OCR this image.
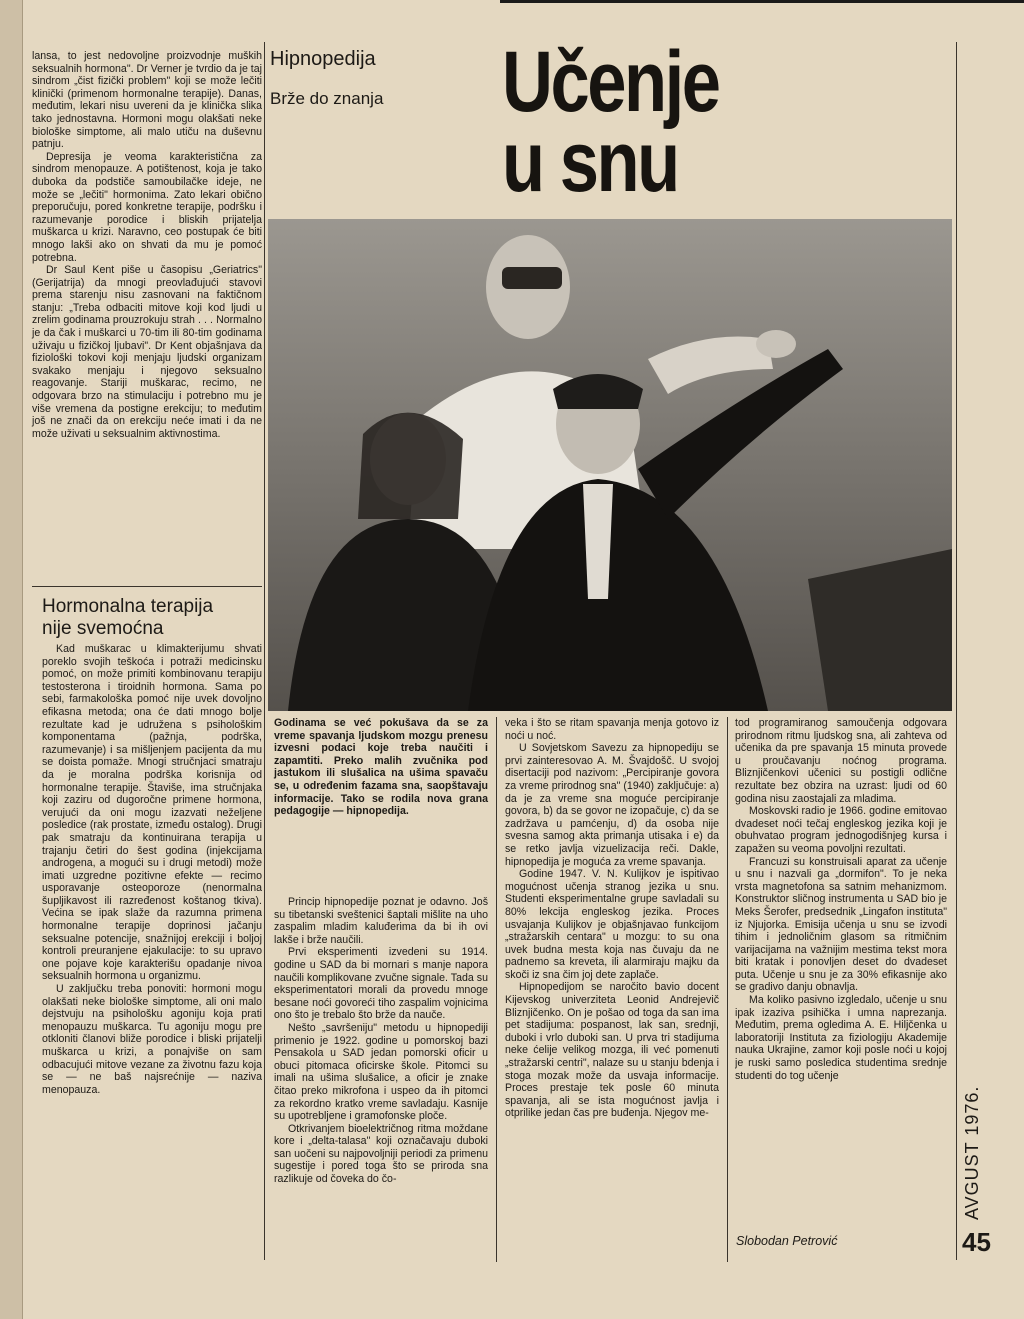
lansa, to jest nedovoljne proizvodnje muških seksualnih hormona". Dr Verner je tvrdio da je taj sindrom „čist fizički problem" koji se može lečiti klinički (primenom hormonalne terapije). Danas, međutim, lekari nisu uvereni da je klinička slika tako jednostavna. Hormoni mogu olakšati neke biološke simptome, ali malo utiču na duševnu patnju.

Depresija je veoma karakteristična za sindrom menopauze. A potištenost, koja je tako duboka da podstiče samoubilačke ideje, ne može se „lečiti" hormonima. Zato lekari obično preporučuju, pored konkretne terapije, podršku i razumevanje porodice i bliskih prijatelja muškarca u krizi. Naravno, ceo postupak će biti mnogo lakši ako on shvati da mu je pomoć potrebna.

Dr Saul Kent piše u časopisu „Geriatrics" (Gerijatrija) da mnogi preovlađujući stavovi prema starenju nisu zasnovani na faktičnom stanju: „Treba odbaciti mitove koji kod ljudi u zrelim godinama prouzrokuju strah . . . Normalno je da čak i muškarci u 70-tim ili 80-tim godinama uživaju u fizičkoj ljubavi". Dr Kent objašnjava da fiziološki tokovi koji menjaju ljudski organizam svakako menjaju i njegovo seksualno reagovanje. Stariji muškarac, recimo, ne odgovara brzo na stimulaciju i potrebno mu je više vremena da postigne erekciju; to međutim još ne znači da on erekciju neće imati i da ne može uživati u seksualnim aktivnostima.

Hormonalna terapija
nije svemoćna

Kad muškarac u klimakterijumu shvati poreklo svojih teškoća i potraži medicinsku pomoć, on može primiti kombinovanu terapiju testosterona i tiroidnih hormona. Sama po sebi, farmakološka pomoć nije uvek dovoljno efikasna metoda; ona će dati mnogo bolje rezultate kad je udružena s psihološkim komponentama (pažnja, podrška, razumevanje) i sa mišljenjem pacijenta da mu se doista pomaže. Mnogi stručnjaci smatraju da je moralna podrška korisnija od hormonalne terapije. Štaviše, ima stručnjaka koji zaziru od dugoročne primene hormona, verujući da oni mogu izazvati neželjene posledice (rak prostate, između ostalog). Drugi pak smatraju da kontinuirana terapija u trajanju četiri do šest godina (injekcijama androgena, a mogući su i drugi metodi) može imati uzgredne pozitivne efekte — recimo usporavanje osteoporoze (nenormalna šupljikavost ili razređenost koštanog tkiva). Većina se ipak slaže da razumna primena hormonalne terapije doprinosi jačanju seksualne potencije, snažnijoj erekciji i boljoj kontroli preuranjene ejakulacije: to su upravo one pojave koje karakterišu opadanje nivoa seksualnih hormona u organizmu.

U zaključku treba ponoviti: hormoni mogu olakšati neke biološke simptome, ali oni malo dejstvuju na psihološku agoniju koja prati menopauzu muškarca. Tu agoniju mogu pre otkloniti članovi bliže porodice i bliski prijatelji muškarca u krizi, a ponajviše on sam odbacujući mitove vezane za životnu fazu koja se — ne baš najsrećnije — naziva menopauza.

Hipnopedija
Brže do znanja Učenje
u snu
Godinama se već pokušava da se za vreme spavanja ljudskom mozgu prenesu izvesni podaci koje treba naučiti i zapamtiti. Preko malih zvučnika pod jastukom ili slušalica na ušima spavaču se, u određenim fazama sna, saopštavaju informacije. Tako se rodila nova grana pedagogije — hipnopedija.

Princip hipnopedije poznat je odavno. Još su tibetanski sveštenici šaptali mišlite na uho zaspalim mladim kaluđerima da bi ih ovi lakše i brže naučili.

Prvi eksperimenti izvedeni su 1914. godine u SAD da bi mornari s manje napora naučili komplikovane zvučne signale. Tada su eksperimentatori morali da provedu mnoge besane noći govoreći tiho zaspalim vojnicima ono što je trebalo što brže da nauče.

Nešto „savršeniju" metodu u hipnopediji primenio je 1922. godine u pomorskoj bazi Pensakola u SAD jedan pomorski oficir u obuci pitomaca oficirske škole. Pitomci su imali na ušima slušalice, a oficir je znake čitao preko mikrofona i uspeo da ih pitomci za rekordno kratko vreme savladaju. Kasnije su upotrebljene i gramofonske ploče.

Otkrivanjem bioelektričnog ritma moždane kore i „delta-talasa" koji označavaju duboki san uočeni su najpovoljniji periodi za primenu sugestije i pored toga što se priroda sna razlikuje od čoveka do čo-

veka i što se ritam spavanja menja gotovo iz noći u noć.

U Sovjetskom Savezu za hipnopediju se prvi zainteresovao A. M. Švajdošč. U svojoj disertaciji pod nazivom: „Percipiranje govora za vreme prirodnog sna" (1940) zaključuje: a) da je za vreme sna moguće percipiranje govora, b) da se govor ne izopačuje, c) da se zadržava u pamćenju, d) da osoba nije svesna samog akta primanja utisaka i e) da se retko javlja vizuelizacija reči. Dakle, hipnopedija je moguća za vreme spavanja.

Godine 1947. V. N. Kulijkov je ispitivao mogućnost učenja stranog jezika u snu. Studenti eksperimentalne grupe savladali su 80% lekcija engleskog jezika. Proces usvajanja Kulijkov je objašnjavao funkcijom „stražarskih centara" u mozgu: to su ona uvek budna mesta koja nas čuvaju da ne padnemo sa kreveta, ili alarmiraju majku da skoči iz sna čim joj dete zaplače.

Hipnopedijom se naročito bavio docent Kijevskog univerziteta Leonid Andrejevič Bliznjičenko. On je pošao od toga da san ima pet stadijuma: pospanost, lak san, srednji, duboki i vrlo duboki san. U prva tri stadijuma neke ćelije velikog mozga, ili već pomenuti „stražarski centri", nalaze su u stanju bdenja i stoga mozak može da usvaja informacije. Proces prestaje tek posle 60 minuta spavanja, ali se ista mogućnost javlja i otprilike jedan čas pre buđenja. Njegov me-

tod programiranog samoučenja odgovara prirodnom ritmu ljudskog sna, ali zahteva od učenika da pre spavanja 15 minuta provede u proučavanju noćnog programa. Bliznjičenkovi učenici su postigli odlične rezultate bez obzira na uzrast: ljudi od 60 godina nisu zaostajali za mladima.

Moskovski radio je 1966. godine emitovao dvadeset noći tečaj engleskog jezika koji je obuhvatao program jednogodišnjeg kursa i zapažen su veoma povoljni rezultati.

Francuzi su konstruisali aparat za učenje u snu i nazvali ga „dormifon". To je neka vrsta magnetofona sa satnim mehanizmom. Konstruktor sličnog instrumenta u SAD bio je Meks Šerofer, predsednik „Lingafon instituta" iz Njujorka. Emisija učenja u snu se izvodi tihim i jednoličnim glasom sa ritmičnim varijacijama na važnijim mestima tekst mora biti kratak i ponovljen deset do dvadeset puta. Učenje u snu je za 30% efikasnije ako se gradivo danju obnavlja.

Ma koliko pasivno izgledalo, učenje u snu ipak izaziva psihička i umna naprezanja. Međutim, prema ogledima A. E. Hiljčenka u laboratoriji Instituta za fiziologiju Akademije nauka Ukrajine, zamor koji posle noći u kojoj je ruski samo posledica studentima srednje studenti do tog učenje

Slobodan Petrović
AVGUST 1976.
45
